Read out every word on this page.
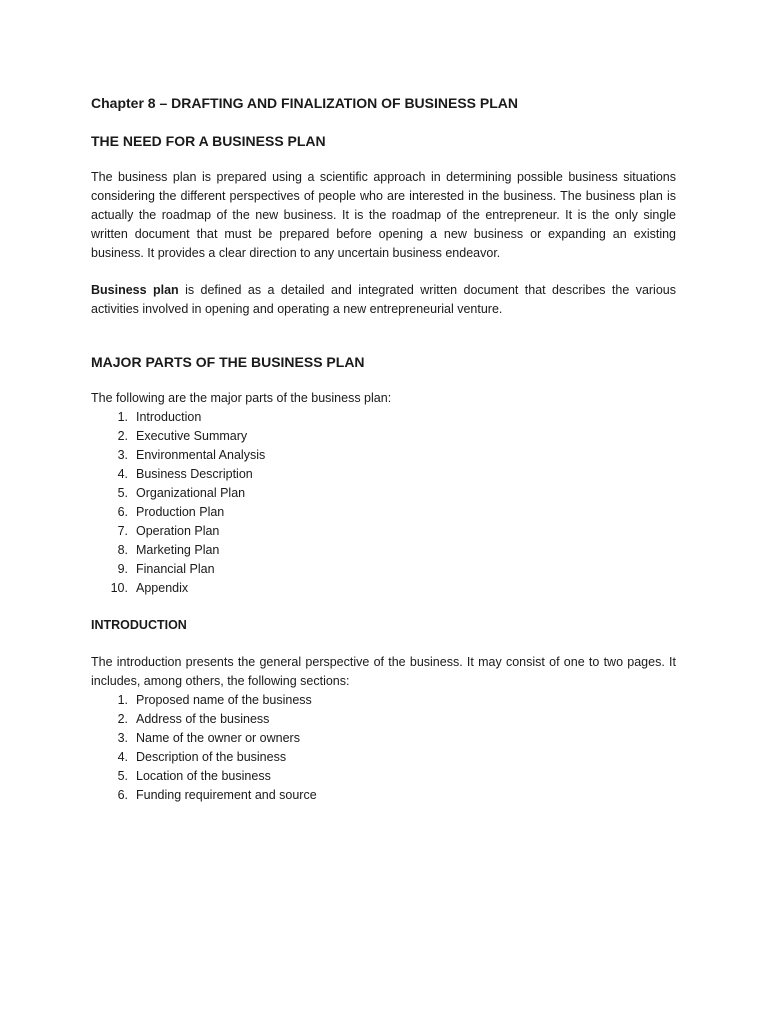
Chapter 8 – DRAFTING AND FINALIZATION OF BUSINESS PLAN
THE NEED FOR A BUSINESS PLAN

The business plan is prepared using a scientific approach in determining possible business situations considering the different perspectives of people who are interested in the business. The business plan is actually the roadmap of the new business. It is the roadmap of the entrepreneur. It is the only single written document that must be prepared before opening a new business or expanding an existing business. It provides a clear direction to any uncertain business endeavor.

Business plan is defined as a detailed and integrated written document that describes the various activities involved in opening and operating a new entrepreneurial venture.

MAJOR PARTS OF THE BUSINESS PLAN

The following are the major parts of the business plan:

1. Introduction
2. Executive Summary
3. Environmental Analysis
4. Business Description
5. Organizational Plan
6. Production Plan
7. Operation Plan
8. Marketing Plan
9. Financial Plan
10. Appendix
INTRODUCTION

The introduction presents the general perspective of the business. It may consist of one to two pages. It includes, among others, the following sections:

1. Proposed name of the business
2. Address of the business
3. Name of the owner or owners
4. Description of the business
5. Location of the business
6. Funding requirement and source
